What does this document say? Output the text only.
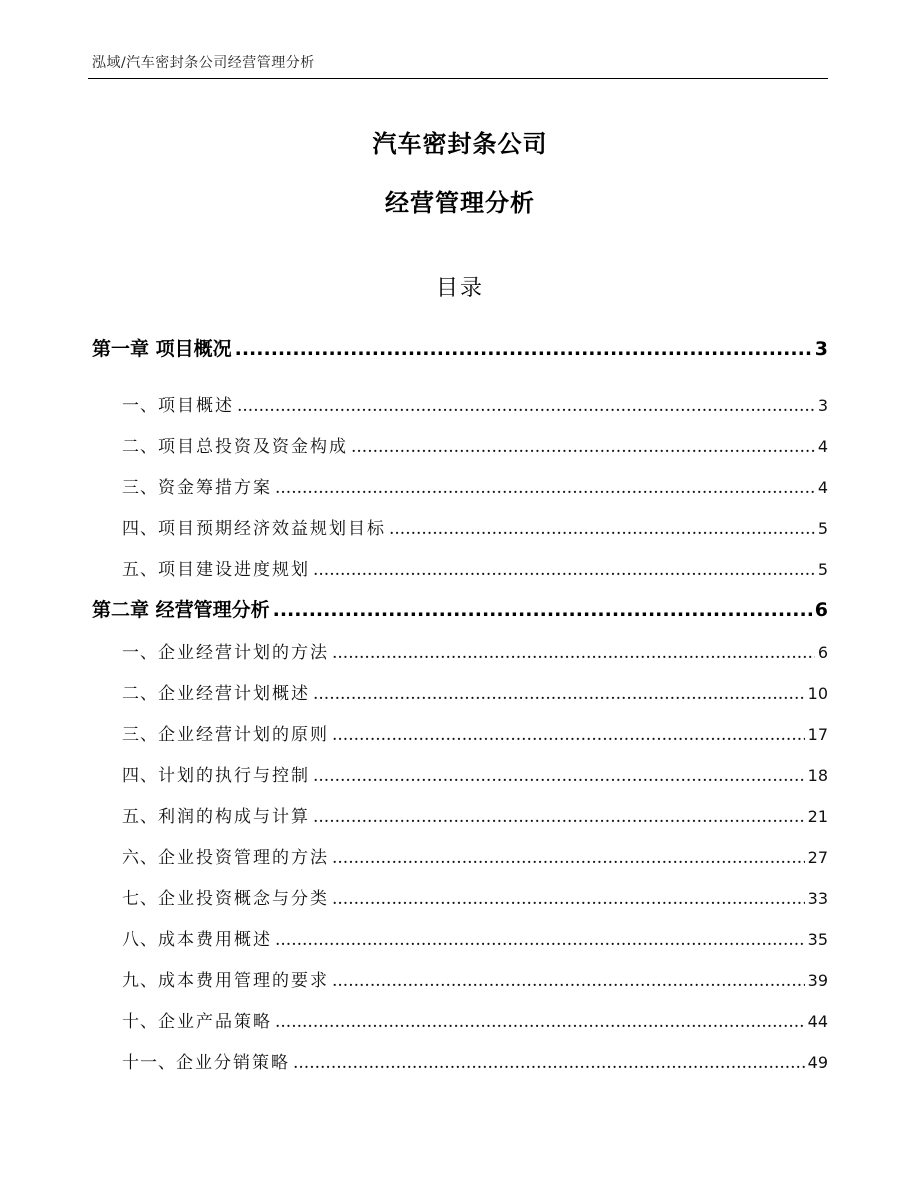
泓域/汽车密封条公司经营管理分析
汽车密封条公司
经营管理分析
目录
第一章 项目概况 .....	3
一、 项目概述 .....	3
二、 项目总投资及资金构成 .....	4
三、 资金筹措方案 .....	4
四、 项目预期经济效益规划目标 .....	5
五、 项目建设进度规划 .....	5
第二章 经营管理分析 .....	6
一、 企业经营计划的方法 .....	6
二、 企业经营计划概述 .....	10
三、 企业经营计划的原则 .....	17
四、 计划的执行与控制 .....	18
五、 利润的构成与计算 .....	21
六、 企业投资管理的方法 .....	27
七、 企业投资概念与分类 .....	33
八、 成本费用概述 .....	35
九、 成本费用管理的要求 .....	39
十、 企业产品策略 .....	44
十一、 企业分销策略 .....	49
